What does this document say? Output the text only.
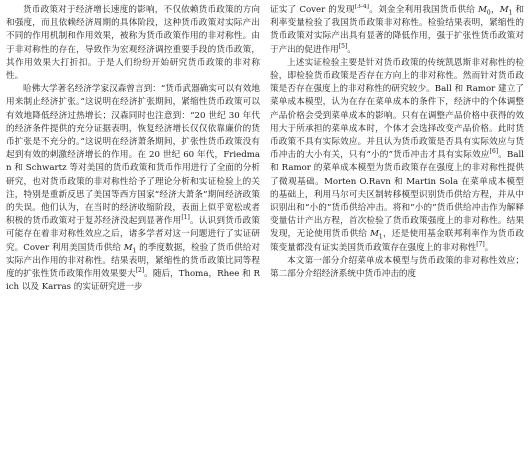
货币政策对于经济增长速度的影响，不仅依赖货币政策的方向和强度，而且依赖经济周期的具体阶段，这种货币政策对实际产出不同的作用机制和作用效果，被称为货币政策作用的非对称性。由于非对称性的存在，导致作为宏观经济调控重要手段的货币政策，其作用效果大打折扣。于是人们纷纷开始研究货币政策的非对称性。

哈佛大学著名经济学家汉森曾言到：“货币武器确实可以有效地用来制止经济扩张。”这说明在经济扩张期间，紧缩性货币政策可以有效地降低经济过热增长；汉森同时也注意到：“20 世纪 30 年代的经济条件提供的充分证据表明，恢复经济增长仅仅依靠廉价的货币扩张是不充分的。”这说明在经济萧条期间，扩张性货币政策没有起到有效的刺激经济增长的作用。在 20 世纪 60 年代，Friedman 和 Schwartz 等对美国的货币政策和货币作用进行了全面的分析研究，也对货币政策的非对称性给予了理论分析和实证检验上的关注，特别是重新反思了美国等西方国家“经济大萧条”期间经济政策的失误。他们认为，在当时的经济收缩阶段，表面上似乎宽松或者积极的货币政策对于复苏经济没起到显著作用[1]。认识到货币政策可能存在着非对称性效应之后，诸多学者对这一问题进行了实证研究。Cover 利用美国货币供给 $M_1$ 的季度数据，检验了货币供给对实际产出作用的非对称性。结果表明，紧缩性的货币政策比同等程度的扩张性货币政策作用效果要大[2]。随后，Thoma，Rhee 和 Rich 以及 Karras 的实证研究进一步

证实了 Cover 的发现[3-4]。刘金全利用我国货币供给 $M_0$，$M_1$ 和利率变量检验了我国货币政策非对称性。检验结果表明，紧缩性的货币政策对实际产出具有显著的降低作用，强于扩张性货币政策对于产出的促进作用[5]。

上述实证检验主要是针对货币政策的传统凯恩斯非对称性的检验，即检验货币政策是否存在方向上的非对称性。然而针对货币政策是否存在强度上的非对称性的研究较少。Ball 和 Ramor 建立了菜单成本模型，认为在存在菜单成本的条件下，经济中的个体调整产品价格会受到菜单成本的影响。只有在调整产品价格中获得的效用大于所承担的菜单成本时，个体才会选择改变产品价格。此时货币政策不具有实际效应。并且认为货币政策是否具有实际效应与货币冲击的大小有关，只有“小的”货币冲击才具有实际效应[6]。Ball 和 Ramor 的菜单成本模型为货币政策存在强度上的非对称性提供了微观基础。Morten O.Ravn 和 Martin Sola 在菜单成本模型的基础上，利用马尔可夫区制转移模型识别货币供给方程，并从中识别出和“小的”货币供给冲击。将和“小的”货币供给冲击作为解释变量估计产出方程，首次检验了货币政策强度上的非对称性。结果发现，无论使用货币供给 $M_1$，还是使用基金联邦利率作为货币政策变量都没有证实美国货币政策存在强度上的非对称性[7]。

本文第一部分介绍菜单成本模型与货币政策的非对称性效应；第二部分介绍经济系统中货币冲击的度
